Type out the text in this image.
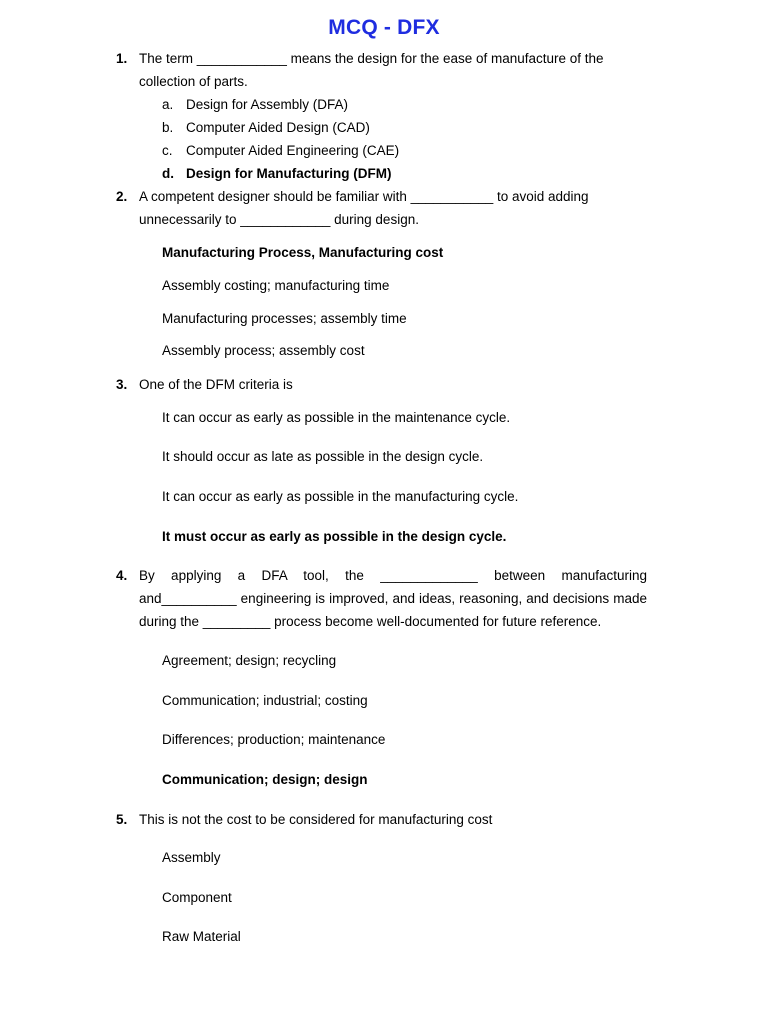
MCQ - DFX
1. The term ____________ means the design for the ease of manufacture of the collection of parts.
a. Design for Assembly (DFA)
b. Computer Aided Design (CAD)
c. Computer Aided Engineering (CAE)
d. Design for Manufacturing (DFM)
2. A competent designer should be familiar with ___________ to avoid adding unnecessarily to ____________ during design.
Manufacturing Process, Manufacturing cost
Assembly costing; manufacturing time
Manufacturing processes; assembly time
Assembly process; assembly cost
3. One of the DFM criteria is
It can occur as early as possible in the maintenance cycle.
It should occur as late as possible in the design cycle.
It can occur as early as possible in the manufacturing cycle.
It must occur as early as possible in the design cycle.
4. By applying a DFA tool, the _____________ between manufacturing and__________ engineering is improved, and ideas, reasoning, and decisions made during the _________ process become well-documented for future reference.
Agreement; design; recycling
Communication; industrial; costing
Differences; production; maintenance
Communication; design; design
5. This is not the cost to be considered for manufacturing cost
Assembly
Component
Raw Material
